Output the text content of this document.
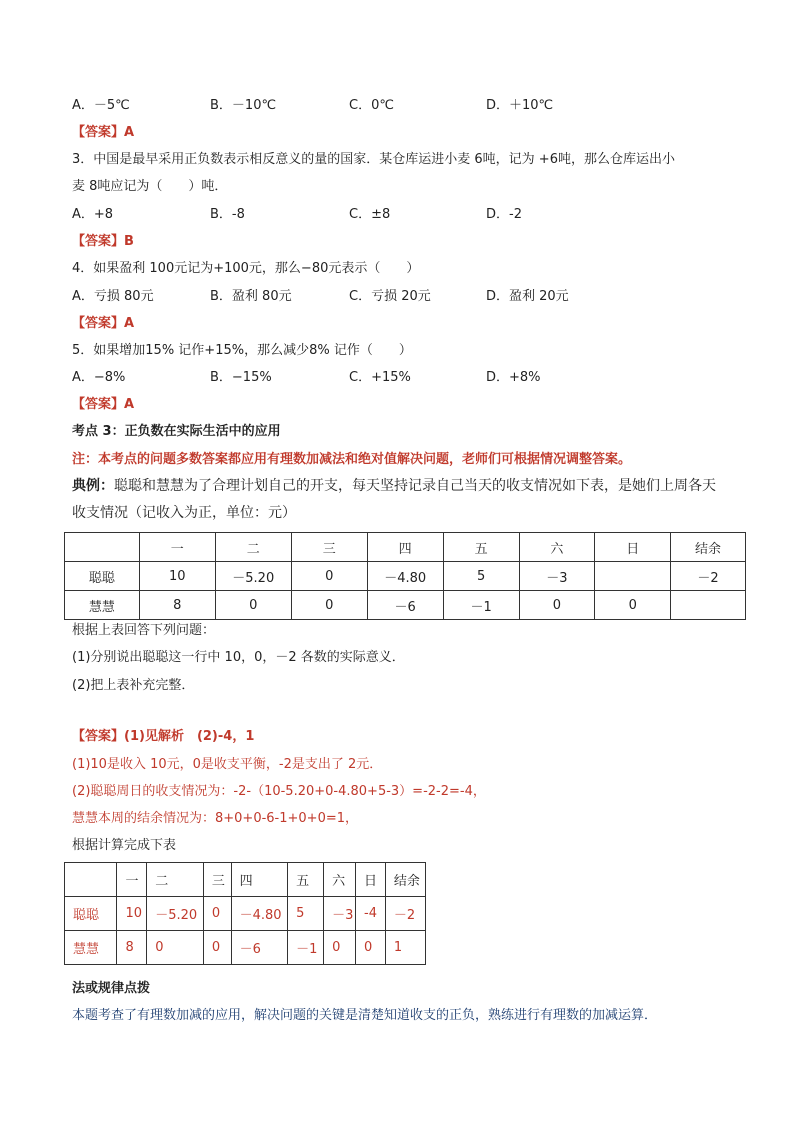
A．－5℃	B．－10℃	C．0℃	D．＋10℃
【答案】A
3．中国是最早采用正负数表示相反意义的量的国家．某仓库运进小麦 6吨，记为 +6吨，那么仓库运出小
麦 8吨应记为（　　）吨．
A．+8	B．-8	C．±8	D．-2
【答案】B
4．如果盈利 100元记为+100元，那么−80元表示（　　）
A．亏损 80元	B．盈利 80元	C．亏损 20元	D．盈利 20元
【答案】A
5．如果增加15% 记作+15%，那么减少8% 记作（　　）
A．−8%	B．−15%	C．+15%	D．+8%
【答案】A
考点 3：正负数在实际生活中的应用
注：本考点的问题多数答案都应用有理数加减法和绝对值解决问题，老师们可根据情况调整答案。
典例：聪聪和慧慧为了合理计划自己的开支，每天坚持记录自己当天的收支情况如下表，是她们上周各天
收支情况（记收入为正，单位：元）
	一	二	三	四	五	六	日	结余
聪聪	10	－5.20	0	－4.80	5	－3		－2
慧慧	8	0	0	－6	－1	0	0	
根据上表回答下列问题：
(1)分别说出聪聪这一行中 10，0，－2 各数的实际意义．
(2)把上表补充完整．
【答案】(1)见解析　(2)-4，1
(1)10是收入 10元，0是收支平衡，-2是支出了 2元．
(2)聪聪周日的收支情况为：-2-（10-5.20+0-4.80+5-3）=-2-2=-4，
慧慧本周的结余情况为：8+0+0-6-1+0+0=1，
根据计算完成下表
	一	二	三	四	五	六	日	结余
聪聪	10	－5.20	0	－4.80	5	－3	-4	－2
慧慧	8	0	0	－6	－1	0	0	1
法或规律点拨
本题考查了有理数加减的应用，解决问题的关键是清楚知道收支的正负，熟练进行有理数的加减运算．
